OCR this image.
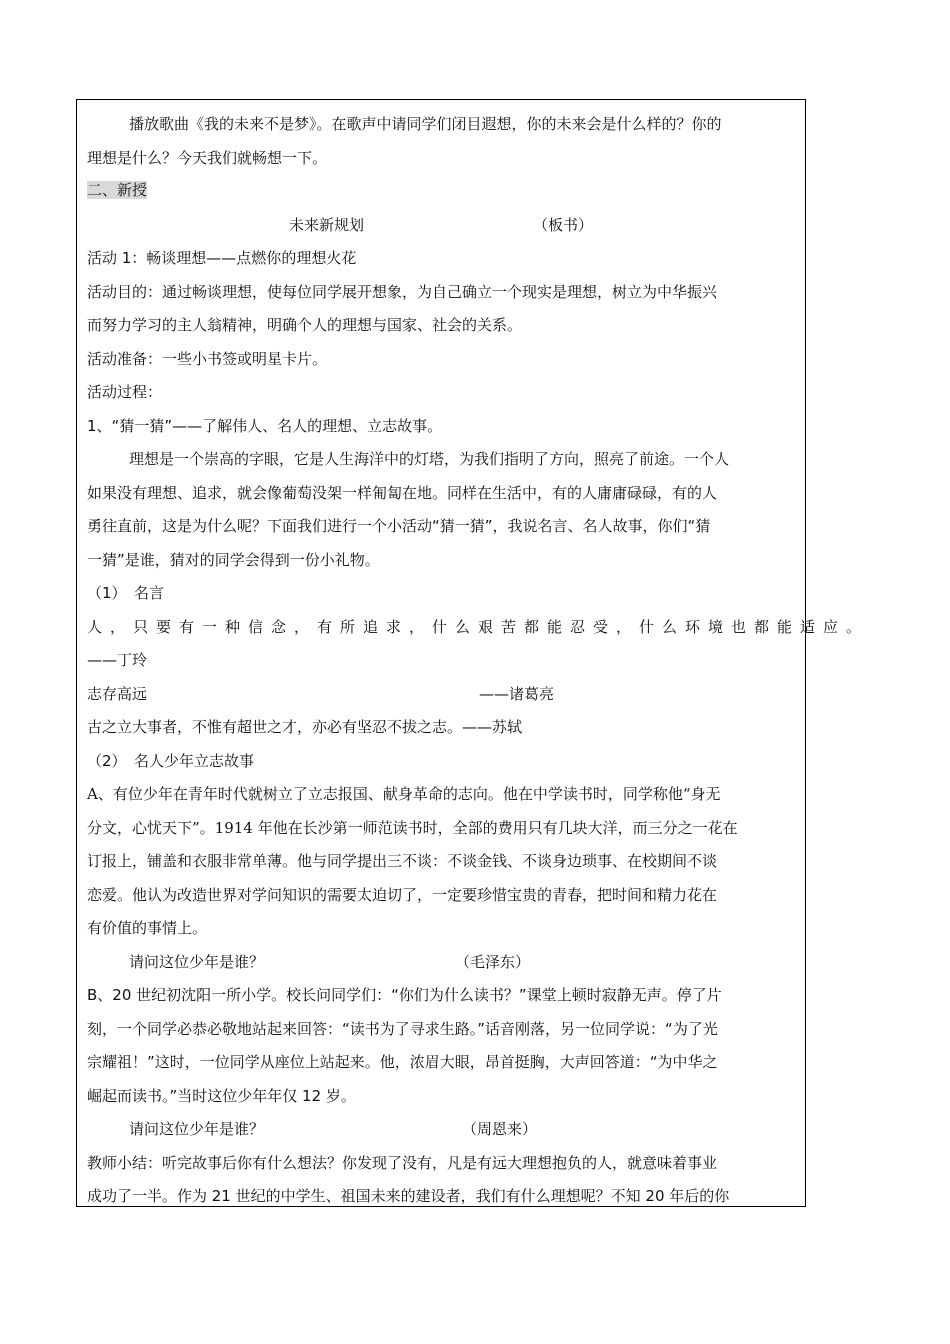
播放歌曲《我的未来不是梦》。在歌声中请同学们闭目遐想，你的未来会是什么样的？你的
理想是什么？今天我们就畅想一下。
二、新授
未来新规划	（板书）
活动 1：畅谈理想——点燃你的理想火花
活动目的：通过畅谈理想，使每位同学展开想象，为自己确立一个现实是理想，树立为中华振兴
而努力学习的主人翁精神，明确个人的理想与国家、社会的关系。
活动准备：一些小书签或明星卡片。
活动过程：
1、“猜一猜”——了解伟人、名人的理想、立志故事。
理想是一个崇高的字眼，它是人生海洋中的灯塔，为我们指明了方向，照亮了前途。一个人
如果没有理想、追求，就会像葡萄没架一样匍匐在地。同样在生活中，有的人庸庸碌碌，有的人
勇往直前，这是为什么呢？下面我们进行一个小活动“猜一猜”，我说名言、名人故事，你们“猜
一猜”是谁，猜对的同学会得到一份小礼物。
（1）　名言
人，只要有一种信念，有所追求，什么艰苦都能忍受，什么环境也都能适应。
——丁玲
志存高远	——诸葛亮
古之立大事者，不惟有超世之才，亦必有坚忍不拔之志。——苏轼
（2）　名人少年立志故事
A、有位少年在青年时代就树立了立志报国、献身革命的志向。他在中学读书时，同学称他“身无
分文，心忧天下”。1914 年他在长沙第一师范读书时，全部的费用只有几块大洋，而三分之一花在
订报上，铺盖和衣服非常单薄。他与同学提出三不谈：不谈金钱、不谈身边琐事、在校期间不谈
恋爱。他认为改造世界对学问知识的需要太迫切了，一定要珍惜宝贵的青春，把时间和精力花在
有价值的事情上。
请问这位少年是谁？	（毛泽东）
B、20 世纪初沈阳一所小学。校长问同学们：“你们为什么读书？”课堂上顿时寂静无声。停了片
刻，一个同学必恭必敬地站起来回答：“读书为了寻求生路。”话音刚落，另一位同学说：“为了光
宗耀祖！”这时，一位同学从座位上站起来。他，浓眉大眼，昂首挺胸，大声回答道：“为中华之
崛起而读书。”当时这位少年年仅 12 岁。
请问这位少年是谁？	（周恩来）
教师小结：听完故事后你有什么想法？你发现了没有，凡是有远大理想抱负的人，就意味着事业
成功了一半。作为 21 世纪的中学生、祖国未来的建设者，我们有什么理想呢？不知 20 年后的你
